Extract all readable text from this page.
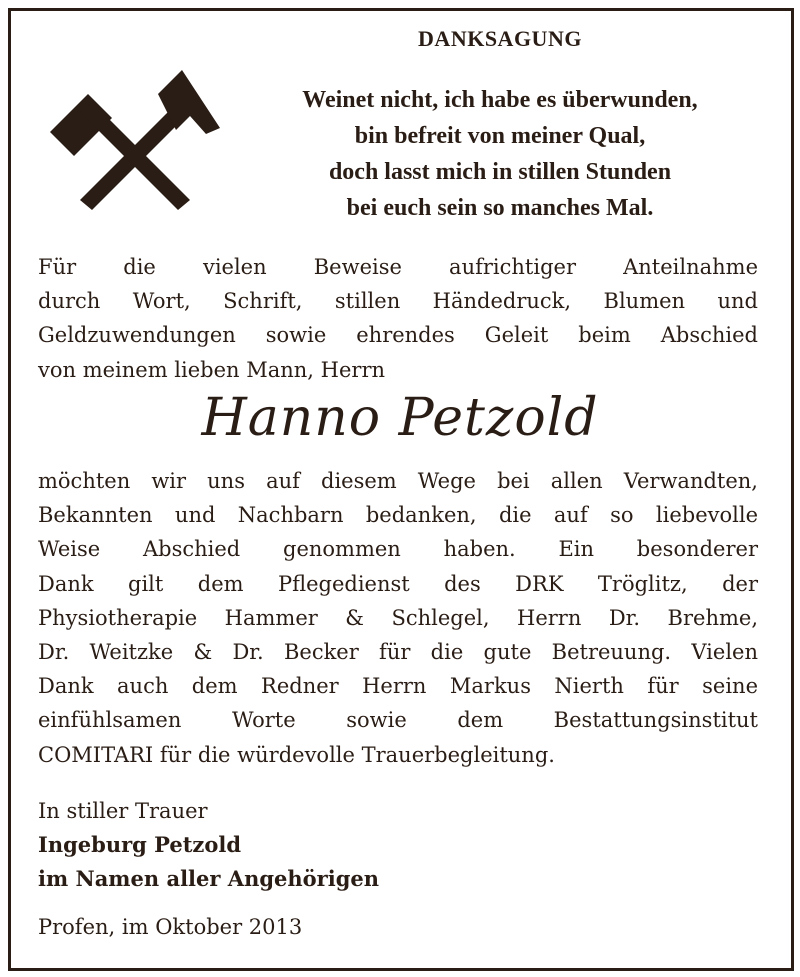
DANKSAGUNG
Weinet nicht, ich habe es überwunden,
bin befreit von meiner Qual,
doch lasst mich in stillen Stunden
bei euch sein so manches Mal.
Für die vielen Beweise aufrichtiger Anteilnahme
durch Wort, Schrift, stillen Händedruck, Blumen und
Geldzuwendungen sowie ehrendes Geleit beim Abschied
von meinem lieben Mann, Herrn
Hanno Petzold
möchten wir uns auf diesem Wege bei allen Verwandten,
Bekannten und Nachbarn bedanken, die auf so liebevolle
Weise Abschied genommen haben. Ein besonderer
Dank gilt dem Pflegedienst des DRK Tröglitz, der
Physiotherapie Hammer & Schlegel, Herrn Dr. Brehme,
Dr. Weitzke & Dr. Becker für die gute Betreuung. Vielen
Dank auch dem Redner Herrn Markus Nierth für seine
einfühlsamen Worte sowie dem Bestattungsinstitut
COMITARI für die würdevolle Trauerbegleitung.
In stiller Trauer
Ingeburg Petzold
im Namen aller Angehörigen
Profen, im Oktober 2013
